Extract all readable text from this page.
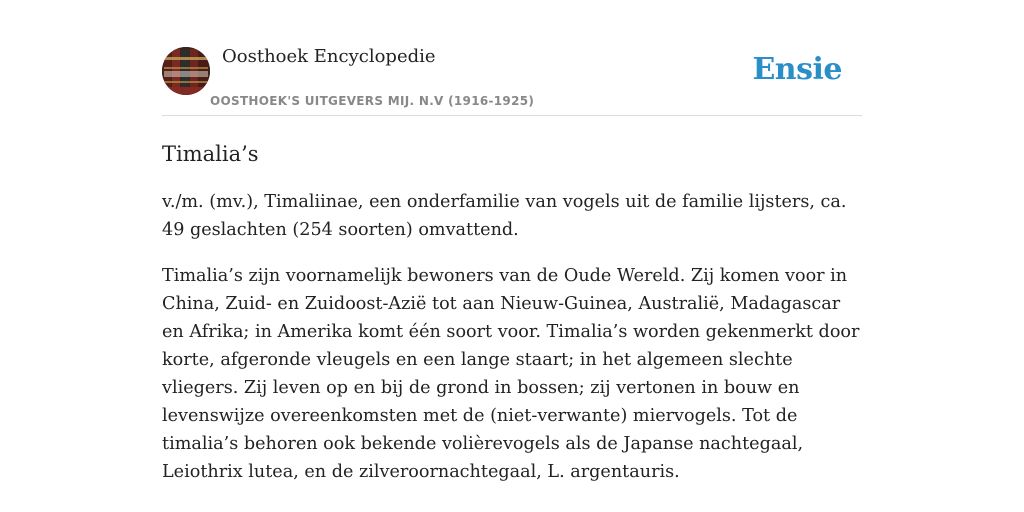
Oosthoek Encyclopedie
OOSTHOEK'S UITGEVERS MIJ. N.V (1916-1925)
Ensie
Timalia’s

v./m. (mv.), Timaliinae, een onderfamilie van vogels uit de familie lijsters, ca. 49 geslachten (254 soorten) omvattend.

Timalia’s zijn voornamelijk bewoners van de Oude Wereld. Zij komen voor in China, Zuid- en Zuidoost-Azië tot aan Nieuw-Guinea, Australië, Madagascar en Afrika; in Amerika komt één soort voor. Timalia’s worden gekenmerkt door korte, afgeronde vleugels en een lange staart; in het algemeen slechte vliegers. Zij leven op en bij de grond in bossen; zij vertonen in bouw en levenswijze overeenkomsten met de (niet-verwante) miervogels. Tot de timalia’s behoren ook bekende volièrevogels als de Japanse nachtegaal, Leiothrix lutea, en de zilveroornachtegaal, L. argentauris.
